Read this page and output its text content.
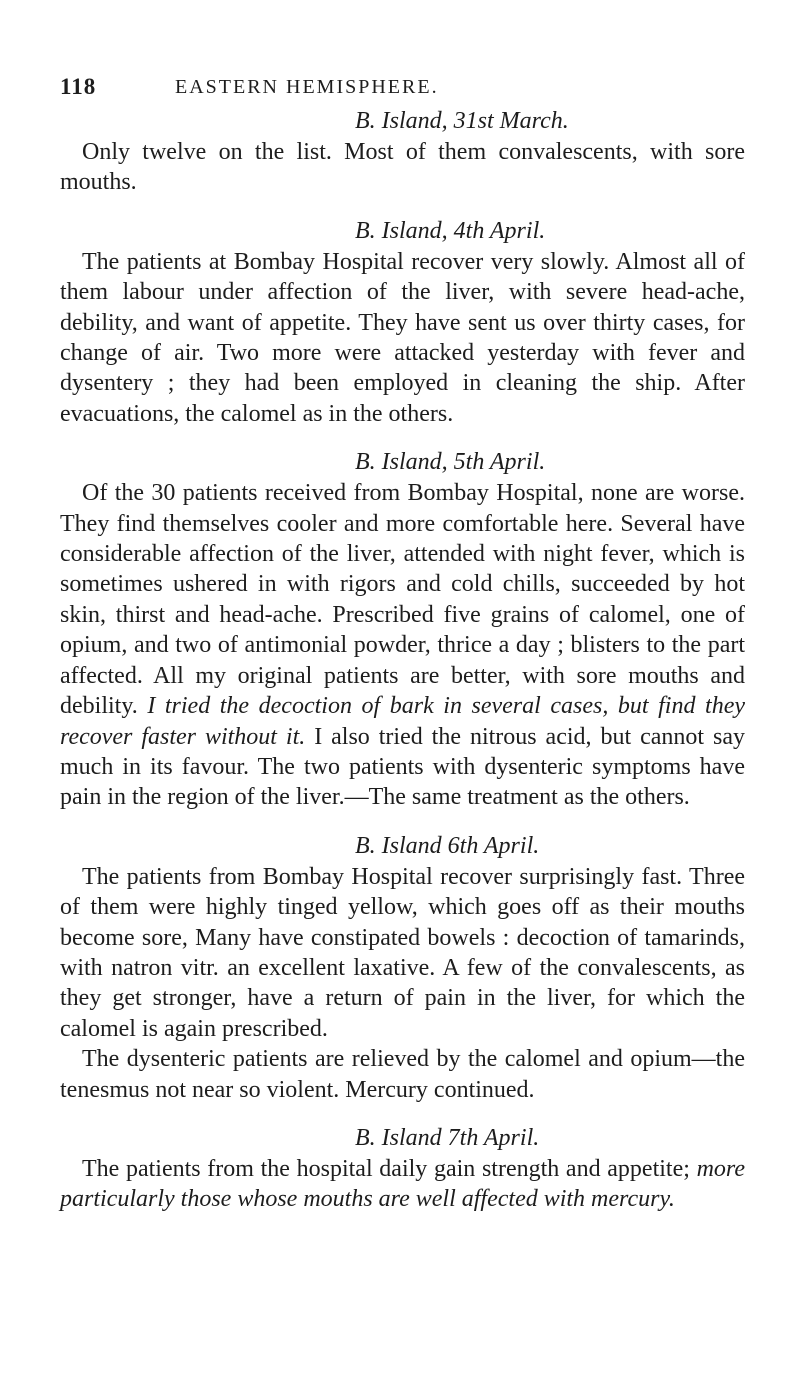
118	EASTERN HEMISPHERE.

B. Island, 31st March.

Only twelve on the list. Most of them convalescents, with sore mouths.

B. Island, 4th April.

The patients at Bombay Hospital recover very slowly. Almost all of them labour under affection of the liver, with severe head-ache, debility, and want of appetite. They have sent us over thirty cases, for change of air. Two more were attacked yesterday with fever and dysentery ; they had been employed in cleaning the ship. After evacuations, the calomel as in the others.

B. Island, 5th April.

Of the 30 patients received from Bombay Hospital, none are worse. They find themselves cooler and more comfortable here. Several have considerable affection of the liver, attended with night fever, which is sometimes ushered in with rigors and cold chills, succeeded by hot skin, thirst and head-ache. Prescribed five grains of calomel, one of opium, and two of antimonial powder, thrice a day ; blisters to the part affected. All my original patients are better, with sore mouths and debility. I tried the decoction of bark in several cases, but find they recover faster without it. I also tried the nitrous acid, but cannot say much in its favour. The two patients with dysenteric symptoms have pain in the region of the liver.—The same treatment as the others.

B. Island 6th April.

The patients from Bombay Hospital recover surprisingly fast. Three of them were highly tinged yellow, which goes off as their mouths become sore, Many have constipated bowels : decoction of tamarinds, with natron vitr. an excellent laxative. A few of the convalescents, as they get stronger, have a return of pain in the liver, for which the calomel is again prescribed.

The dysenteric patients are relieved by the calomel and opium—the tenesmus not near so violent. Mercury continued.

B. Island 7th April.

The patients from the hospital daily gain strength and appetite; more particularly those whose mouths are well affected with mercury.
